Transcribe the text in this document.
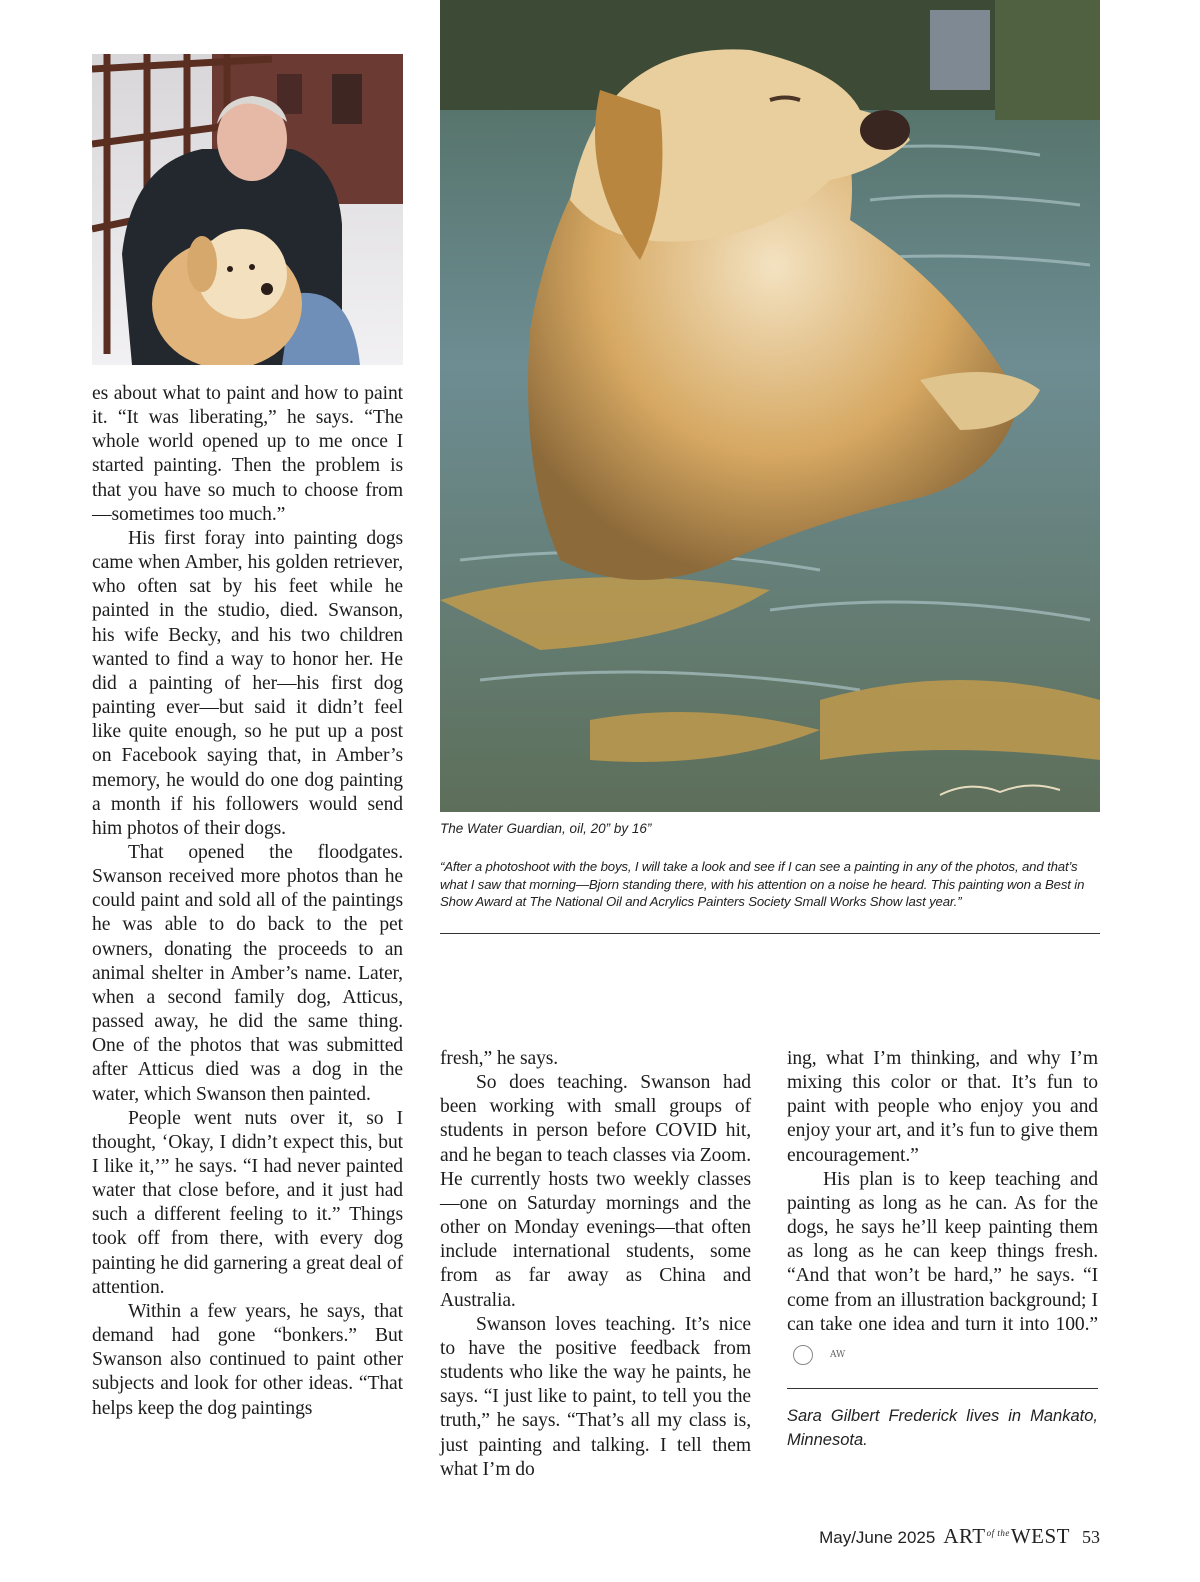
The Water Guardian, oil, 20” by 16”
“After a photoshoot with the boys, I will take a look and see if I can see a painting in any of the photos, and that’s what I saw that morning—Bjorn standing there, with his attention on a noise he heard. This painting won a Best in Show Award at The National Oil and Acrylics Painters Society Small Works Show last year.”

es about what to paint and how to paint it. “It was liberating,” he says. “The whole world opened up to me once I started painting. Then the problem is that you have so much to choose from—sometimes too much.”

His first foray into painting dogs came when Amber, his golden retriever, who often sat by his feet while he painted in the studio, died. Swanson, his wife Becky, and his two children wanted to find a way to honor her. He did a painting of her—his first dog painting ever—but said it didn’t feel like quite enough, so he put up a post on Facebook saying that, in Amber’s memory, he would do one dog painting a month if his followers would send him photos of their dogs.

That opened the floodgates. Swanson received more photos than he could paint and sold all of the paintings he was able to do back to the pet owners, donating the proceeds to an animal shelter in Amber’s name. Later, when a second family dog, Atticus, passed away, he did the same thing. One of the photos that was submitted after Atticus died was a dog in the water, which Swanson then painted.

People went nuts over it, so I thought, ‘Okay, I didn’t expect this, but I like it,’” he says. “I had never painted water that close before, and it just had such a different feeling to it.” Things took off from there, with every dog painting he did garnering a great deal of attention.

Within a few years, he says, that demand had gone “bonkers.” But Swanson also continued to paint other subjects and look for other ideas. “That helps keep the dog paintings

fresh,” he says.

So does teaching. Swanson had been working with small groups of students in person before COVID hit, and he began to teach classes via Zoom. He currently hosts two weekly classes—one on Saturday mornings and the other on Monday evenings—that often include international students, some from as far away as China and Australia.

Swanson loves teaching. It’s nice to have the positive feedback from students who like the way he paints, he says. “I just like to paint, to tell you the truth,” he says. “That’s all my class is, just painting and talking. I tell them what I’m do

ing, what I’m thinking, and why I’m mixing this color or that. It’s fun to paint with people who enjoy you and enjoy your art, and it’s fun to give them encouragement.”

His plan is to keep teaching and painting as long as he can. As for the dogs, he says he’ll keep painting them as long as he can keep things fresh. “And that won’t be hard,” he says. “I come from an illustration background; I can take one idea and turn it into 100.”AW

Sara Gilbert Frederick lives in Mankato, Minnesota.
May/June 2025 $ART^{of the}WEST$ 53
